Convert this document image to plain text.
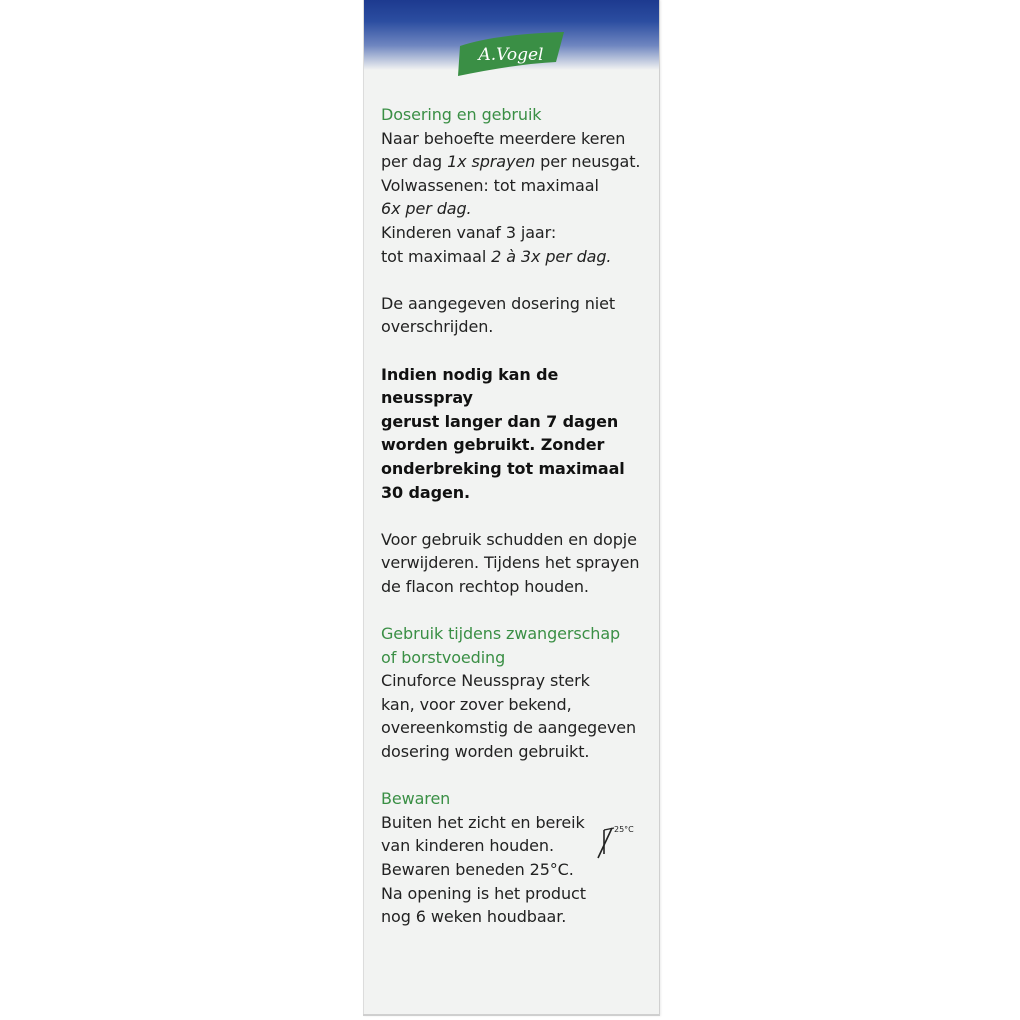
A.Vogel

Dosering en gebruik

Naar behoefte meerdere keren

per dag 1x sprayen per neusgat.

Volwassenen: tot maximaal

6x per dag.

Kinderen vanaf 3 jaar:

tot maximaal 2 à 3x per dag.

De aangegeven dosering niet

overschrijden.

Indien nodig kan de neusspray

gerust langer dan 7 dagen

worden gebruikt. Zonder

onderbreking tot maximaal

30 dagen.

Voor gebruik schudden en dopje

verwijderen. Tijdens het sprayen

de flacon rechtop houden.

Gebruik tijdens zwangerschap

of borstvoeding

Cinuforce Neusspray sterk

kan, voor zover bekend,

overeenkomstig de aangegeven

dosering worden gebruikt.

Bewaren

Buiten het zicht en bereik

van kinderen houden.

Bewaren beneden 25°C.

Na opening is het product

nog 6 weken houdbaar.

25°C
